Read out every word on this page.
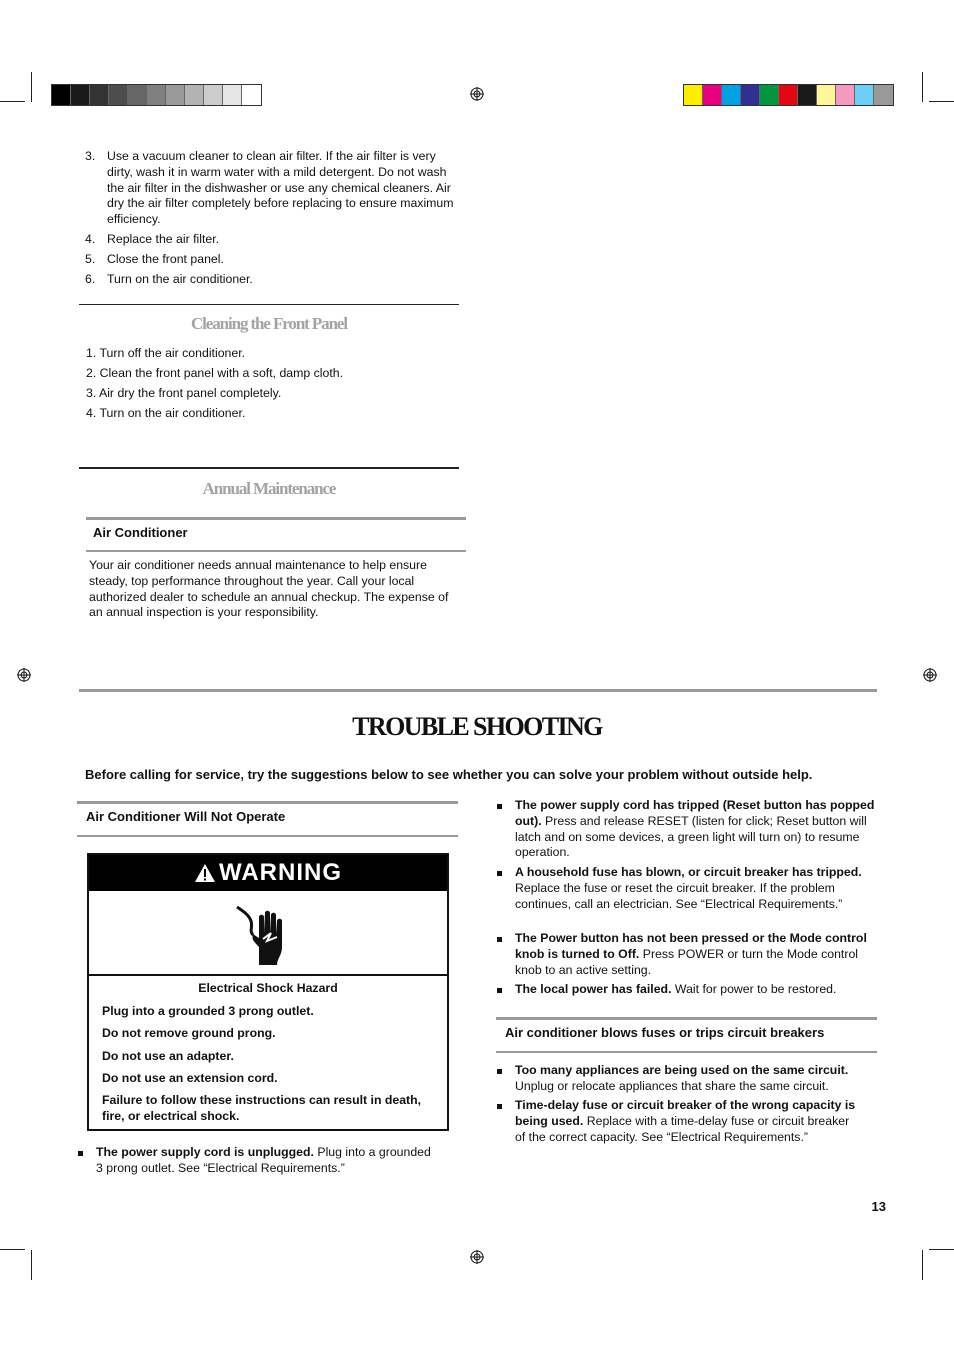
3. Use a vacuum cleaner to clean air filter. If the air filter is very dirty, wash it in warm water with a mild detergent. Do not wash the air filter in the dishwasher or use any chemical cleaners. Air dry the air filter completely before replacing to ensure maximum efficiency.
4. Replace the air filter.
5. Close the front panel.
6. Turn on the air conditioner.
Cleaning the Front Panel
1. Turn off the air conditioner.
2. Clean the front panel with a soft, damp cloth.
3. Air dry the front panel completely.
4. Turn on the air conditioner.
Annual Maintenance
Air Conditioner
Your air conditioner needs annual maintenance to help ensure steady, top performance throughout the year. Call your local authorized dealer to schedule an annual checkup. The expense of an annual inspection is your responsibility.
TROUBLE SHOOTING
Before calling for service, try the suggestions below to see whether you can solve your problem without outside help.
Air Conditioner Will Not Operate
WARNING
Electrical Shock Hazard
Plug into a grounded 3 prong outlet.
Do not remove ground prong.
Do not use an adapter.
Do not use an extension cord.
Failure to follow these instructions can result in death, fire, or electrical shock.
The power supply cord is unplugged. Plug into a grounded 3 prong outlet. See “Electrical Requirements.”
The power supply cord has tripped (Reset button has popped out). Press and release RESET (listen for click; Reset button will latch and on some devices, a green light will turn on) to resume operation.
A household fuse has blown, or circuit breaker has tripped. Replace the fuse or reset the circuit breaker. If the problem continues, call an electrician. See “Electrical Requirements.”
The Power button has not been pressed or the Mode control knob is turned to Off. Press POWER or turn the Mode control knob to an active setting.
The local power has failed. Wait for power to be restored.
Air conditioner blows fuses or trips circuit breakers
Too many appliances are being used on the same circuit. Unplug or relocate appliances that share the same circuit.
Time-delay fuse or circuit breaker of the wrong capacity is being used. Replace with a time-delay fuse or circuit breaker of the correct capacity. See “Electrical Requirements.”
13
